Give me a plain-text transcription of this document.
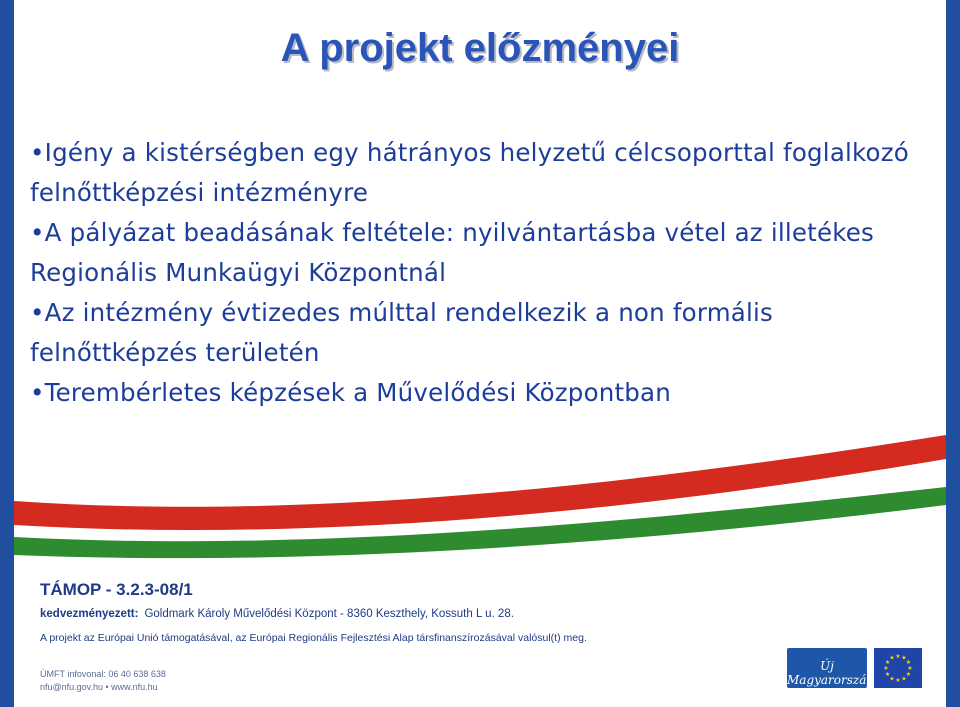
A projekt előzményei

•Igény a kistérségben egy hátrányos helyzetű célcsoporttal foglalkozó felnőttképzési intézményre

•A pályázat beadásának feltétele: nyilvántartásba vétel az illetékes Regionális Munkaügyi Központnál

•Az intézmény évtizedes múlttal rendelkezik a non formális felnőttképzés területén

•Terembérletes képzések a Művelődési Központban

TÁMOP - 3.2.3-08/1
kedvezményezett: Goldmark Károly Művelődési Központ - 8360 Keszthely, Kossuth L u. 28.
A projekt az Európai Unió támogatásával, az Európai Regionális Fejlesztési Alap társfinanszírozásával valósul(t) meg.
ÚMFT infovonal: 06 40 638 638
nfu@nfu.gov.hu • www.nfu.hu
Új Magyarország
★ ★
★
★
★
★
★
★
★
★
★
★
